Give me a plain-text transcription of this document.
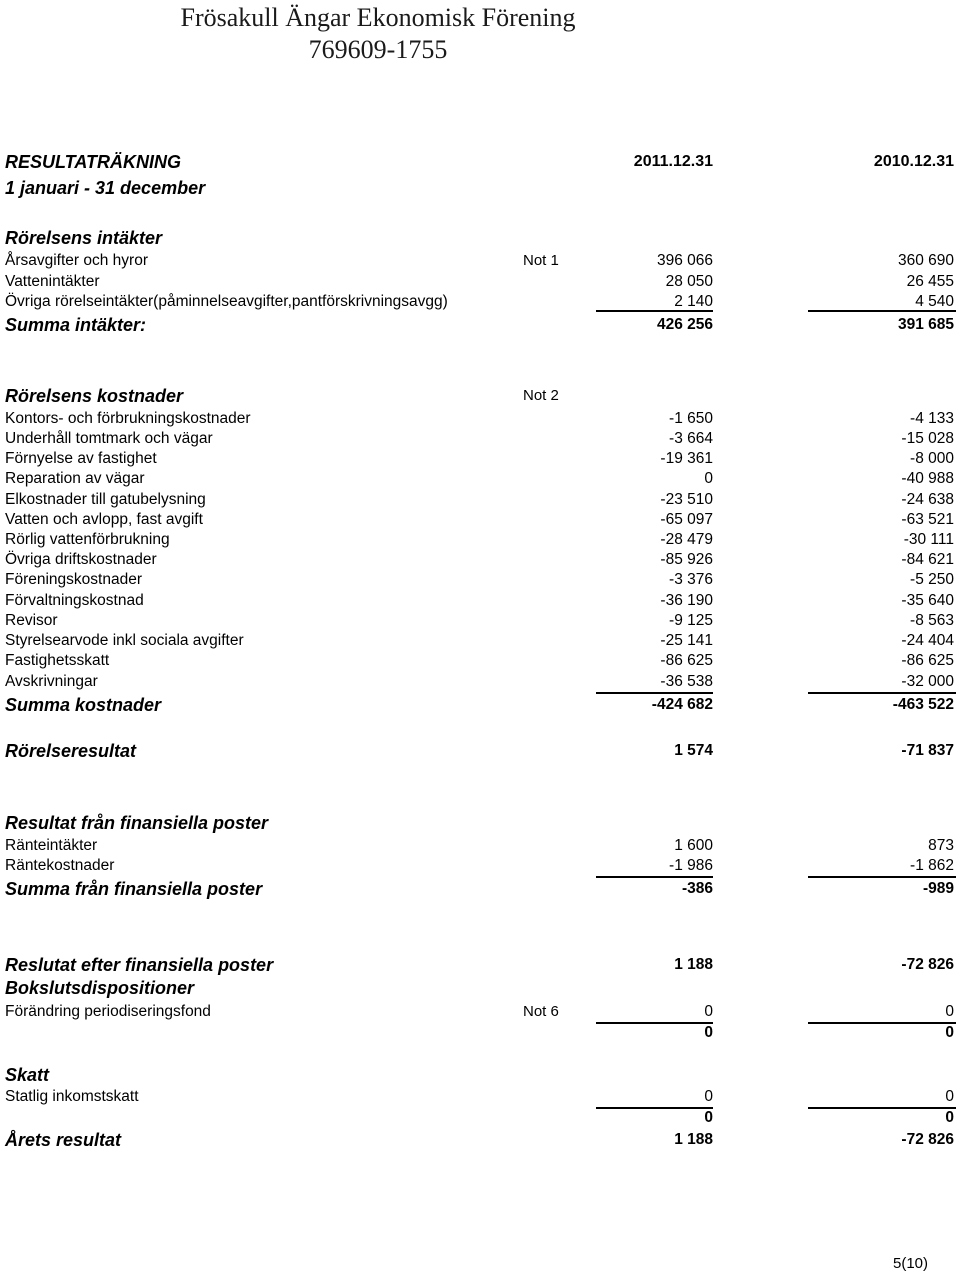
Frösakull Ängar Ekonomisk Förening
769609-1755
RESULTATRÄKNING	2011.12.31	2010.12.31
1 januari - 31 december
Rörelsens intäkter
Årsavgifter och hyror	Not 1	396 066	360 690
Vattenintäkter	28 050	26 455
Övriga rörelseintäkter(påminnelseavgifter,pantförskrivningsavgg)	2 140	4 540
Summa intäkter:	426 256	391 685
Rörelsens kostnader	Not 2
Kontors- och förbrukningskostnader	-1 650	-4 133
Underhåll tomtmark och vägar	-3 664	-15 028
Förnyelse av fastighet	-19 361	-8 000
Reparation av vägar	0	-40 988
Elkostnader till gatubelysning	-23 510	-24 638
Vatten och avlopp, fast avgift	-65 097	-63 521
Rörlig vattenförbrukning	-28 479	-30 111
Övriga driftskostnader	-85 926	-84 621
Föreningskostnader	-3 376	-5 250
Förvaltningskostnad	-36 190	-35 640
Revisor	-9 125	-8 563
Styrelsearvode inkl sociala avgifter	-25 141	-24 404
Fastighetsskatt	-86 625	-86 625
Avskrivningar	-36 538	-32 000
Summa kostnader	-424 682	-463 522
Rörelseresultat	1 574	-71 837
Resultat från finansiella poster
Ränteintäkter	1 600	873
Räntekostnader	-1 986	-1 862
Summa från finansiella poster	-386	-989
Reslutat efter finansiella poster	1 188	-72 826
Bokslutsdispositioner
Förändring periodiseringsfond	Not 6	0	0
0	0
Skatt
Statlig inkomstskatt	0	0
0	0
Årets resultat	1 188	-72 826
5(10)
